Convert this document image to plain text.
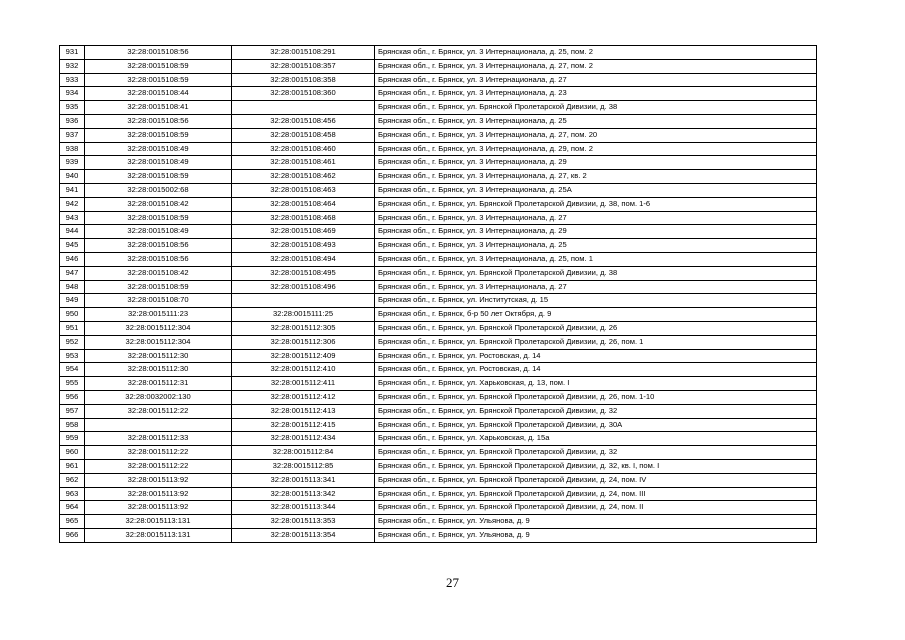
931	32:28:0015108:56	32:28:0015108:291	Брянская обл., г. Брянск, ул. 3 Интернационала, д. 25, пом. 2
932	32:28:0015108:59	32:28:0015108:357	Брянская обл., г. Брянск, ул. 3 Интернационала, д. 27, пом. 2
933	32:28:0015108:59	32:28:0015108:358	Брянская обл., г. Брянск, ул. 3 Интернационала, д. 27
934	32:28:0015108:44	32:28:0015108:360	Брянская обл., г. Брянск, ул. 3 Интернационала, д. 23
935	32:28:0015108:41		Брянская обл., г. Брянск, ул. Брянской Пролетарской Дивизии, д. 38
936	32:28:0015108:56	32:28:0015108:456	Брянская обл., г. Брянск, ул. 3 Интернационала, д. 25
937	32:28:0015108:59	32:28:0015108:458	Брянская обл., г. Брянск, ул. 3 Интернационала, д. 27, пом. 20
938	32:28:0015108:49	32:28:0015108:460	Брянская обл., г. Брянск, ул. 3 Интернационала, д. 29, пом. 2
939	32:28:0015108:49	32:28:0015108:461	Брянская обл., г. Брянск, ул. 3 Интернационала, д. 29
940	32:28:0015108:59	32:28:0015108:462	Брянская обл., г. Брянск, ул. 3 Интернационала, д. 27, кв. 2
941	32:28:0015002:68	32:28:0015108:463	Брянская обл., г. Брянск, ул. 3 Интернационала, д. 25А
942	32:28:0015108:42	32:28:0015108:464	Брянская обл., г. Брянск, ул. Брянской Пролетарской Дивизии, д. 38, пом. 1-6
943	32:28:0015108:59	32:28:0015108:468	Брянская обл., г. Брянск, ул. 3 Интернационала, д. 27
944	32:28:0015108:49	32:28:0015108:469	Брянская обл., г. Брянск, ул. 3 Интернационала, д. 29
945	32:28:0015108:56	32:28:0015108:493	Брянская обл., г. Брянск, ул. 3 Интернационала, д. 25
946	32:28:0015108:56	32:28:0015108:494	Брянская обл., г. Брянск, ул. 3 Интернационала, д. 25, пом. 1
947	32:28:0015108:42	32:28:0015108:495	Брянская обл., г. Брянск, ул. Брянской Пролетарской Дивизии, д. 38
948	32:28:0015108:59	32:28:0015108:496	Брянская обл., г. Брянск, ул. 3 Интернационала, д. 27
949	32:28:0015108:70		Брянская обл., г. Брянск, ул. Институтская, д. 15
950	32:28:0015111:23	32:28:0015111:25	Брянская обл., г. Брянск, б-р 50 лет Октября, д. 9
951	32:28:0015112:304	32:28:0015112:305	Брянская обл., г. Брянск, ул. Брянской Пролетарской Дивизии, д. 26
952	32:28:0015112:304	32:28:0015112:306	Брянская обл., г. Брянск, ул. Брянской Пролетарской Дивизии, д. 26, пом. 1
953	32:28:0015112:30	32:28:0015112:409	Брянская обл., г. Брянск, ул. Ростовская, д. 14
954	32:28:0015112:30	32:28:0015112:410	Брянская обл., г. Брянск, ул. Ростовская, д. 14
955	32:28:0015112:31	32:28:0015112:411	Брянская обл., г. Брянск, ул. Харьковская, д. 13, пом. I
956	32:28:0032002:130	32:28:0015112:412	Брянская обл., г. Брянск, ул. Брянской Пролетарской Дивизии, д. 26, пом. 1-10
957	32:28:0015112:22	32:28:0015112:413	Брянская обл., г. Брянск, ул. Брянской Пролетарской Дивизии, д. 32
958		32:28:0015112:415	Брянская обл., г. Брянск, ул. Брянской Пролетарской Дивизии, д. 30А
959	32:28:0015112:33	32:28:0015112:434	Брянская обл., г. Брянск, ул. Харьковская, д. 15а
960	32:28:0015112:22	32:28:0015112:84	Брянская обл., г. Брянск, ул. Брянской Пролетарской Дивизии, д. 32
961	32:28:0015112:22	32:28:0015112:85	Брянская обл., г. Брянск, ул. Брянской Пролетарской Дивизии, д. 32, кв. I, пом. I
962	32:28:0015113:92	32:28:0015113:341	Брянская обл., г. Брянск, ул. Брянской Пролетарской Дивизии, д. 24, пом. IV
963	32:28:0015113:92	32:28:0015113:342	Брянская обл., г. Брянск, ул. Брянской Пролетарской Дивизии, д. 24, пом. III
964	32:28:0015113:92	32:28:0015113:344	Брянская обл., г. Брянск, ул. Брянской Пролетарской Дивизии, д. 24, пом. II
965	32:28:0015113:131	32:28:0015113:353	Брянская обл., г. Брянск, ул. Ульянова, д. 9
966	32:28:0015113:131	32:28:0015113:354	Брянская обл., г. Брянск, ул. Ульянова, д. 9
27
